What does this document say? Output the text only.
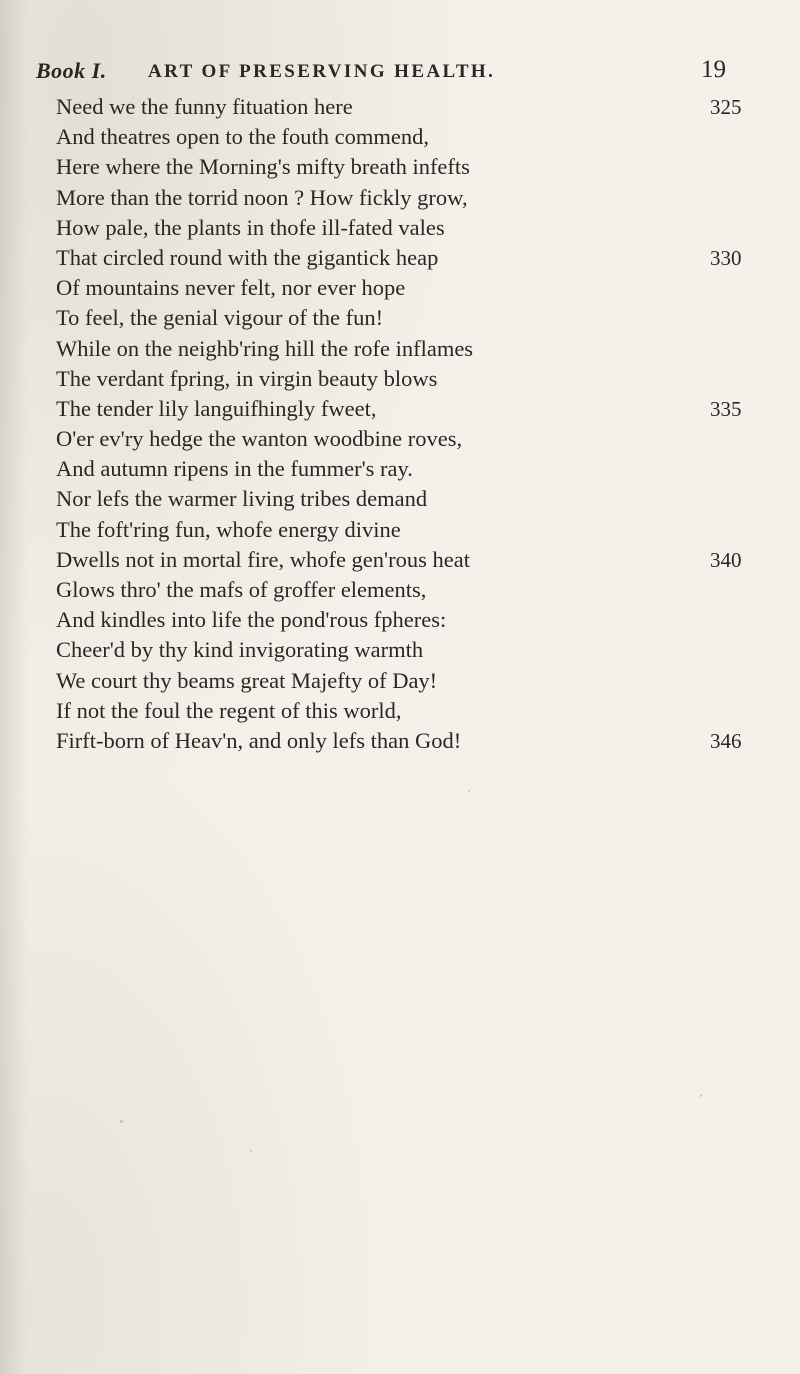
Book I. ART OF PRESERVING HEALTH.	19
Need we the funny fituation here	325
And theatres open to the fouth commend,
Here where the Morning's mifty breath infefts
More than the torrid noon ? How fickly grow,
How pale, the plants in thofe ill-fated vales
That circled round with the gigantick heap	330
Of mountains never felt, nor ever hope
To feel, the genial vigour of the fun!
While on the neighb'ring hill the rofe inflames
The verdant fpring, in virgin beauty blows
The tender lily languifhingly fweet,	335
O'er ev'ry hedge the wanton woodbine roves,
And autumn ripens in the fummer's ray.
Nor lefs the warmer living tribes demand
The foft'ring fun, whofe energy divine
Dwells not in mortal fire, whofe gen'rous heat	340
Glows thro' the mafs of groffer elements,
And kindles into life the pond'rous fpheres:
Cheer'd by thy kind invigorating warmth
We court thy beams great Majefty of Day!
If not the foul the regent of this world,
Firft-born of Heav'n, and only lefs than God!	346
